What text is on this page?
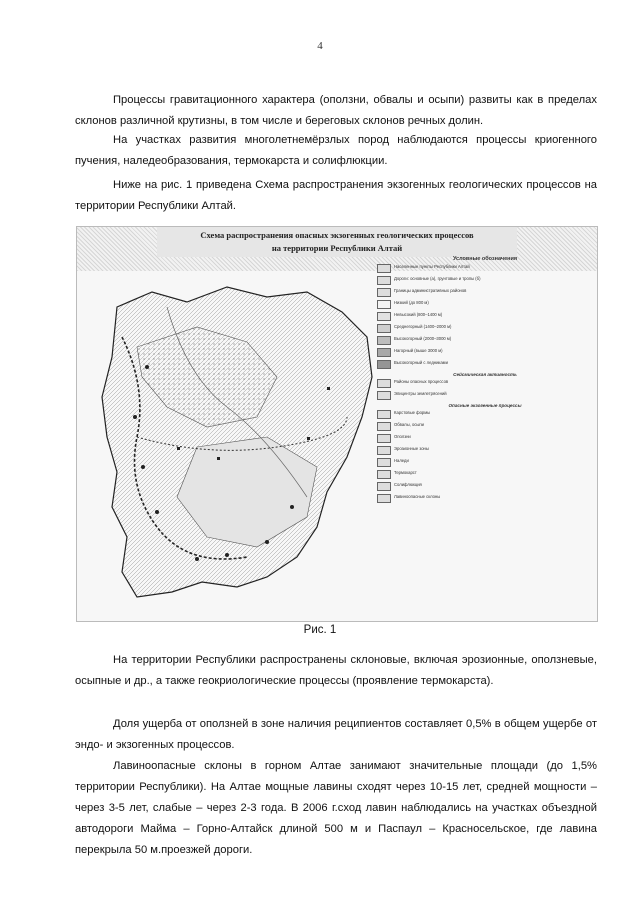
4

Процессы гравитационного характера (оползни, обвалы и осыпи) развиты как в пределах склонов различной крутизны, в том числе и береговых склонов речных долин.

На участках развития многолетнемёрзлых пород наблюдаются процессы криогенного пучения, наледеобразования, термокарста и солифлюкции.

Ниже на рис. 1 приведена Схема распространения экзогенных геологических процессов на территории Республики Алтай.

Схема распространения опасных экзогенных геологических процессов
на территории Республики Алтай
Условные обозначения
Населенные пункты Республики Алтай
Дороги: основные (а), грунтовые и тропы (б)
Границы административных районов
Низкий (до 800 м)
Невысокий (800–1400 м)
Среднегорный (1400–2000 м)
Высокогорный (2000–3000 м)
Нагорный (выше 3000 м)
Высокогорный с ледниками
Сейсмическая активность
Районы опасных процессов
Эпицентры землетрясений
Опасные экзогенные процессы
Карстовые формы
Обвалы, осыпи
Оползни
Эрозионные зоны
Наледи
Термокарст
Солифлюкция
Лавиноопасные склоны
Рис. 1

На территории Республики распространены склоновые, включая эрозионные, оползневые, осыпные и др., а также геокриологические процессы (проявление термокарста).

Доля ущерба от оползней в зоне наличия реципиентов составляет 0,5% в общем ущербе от эндо- и экзогенных процессов.

Лавиноопасные склоны в горном Алтае занимают значительные площади (до 1,5% территории Республики). На Алтае мощные лавины сходят через 10-15 лет, средней мощности – через 3-5 лет, слабые – через 2-3 года. В 2006 г.сход лавин наблюдались на участках объездной автодороги Майма – Горно-Алтайск длиной 500 м и Паспаул – Красносельское, где лавина перекрыла 50 м.проезжей дороги.
